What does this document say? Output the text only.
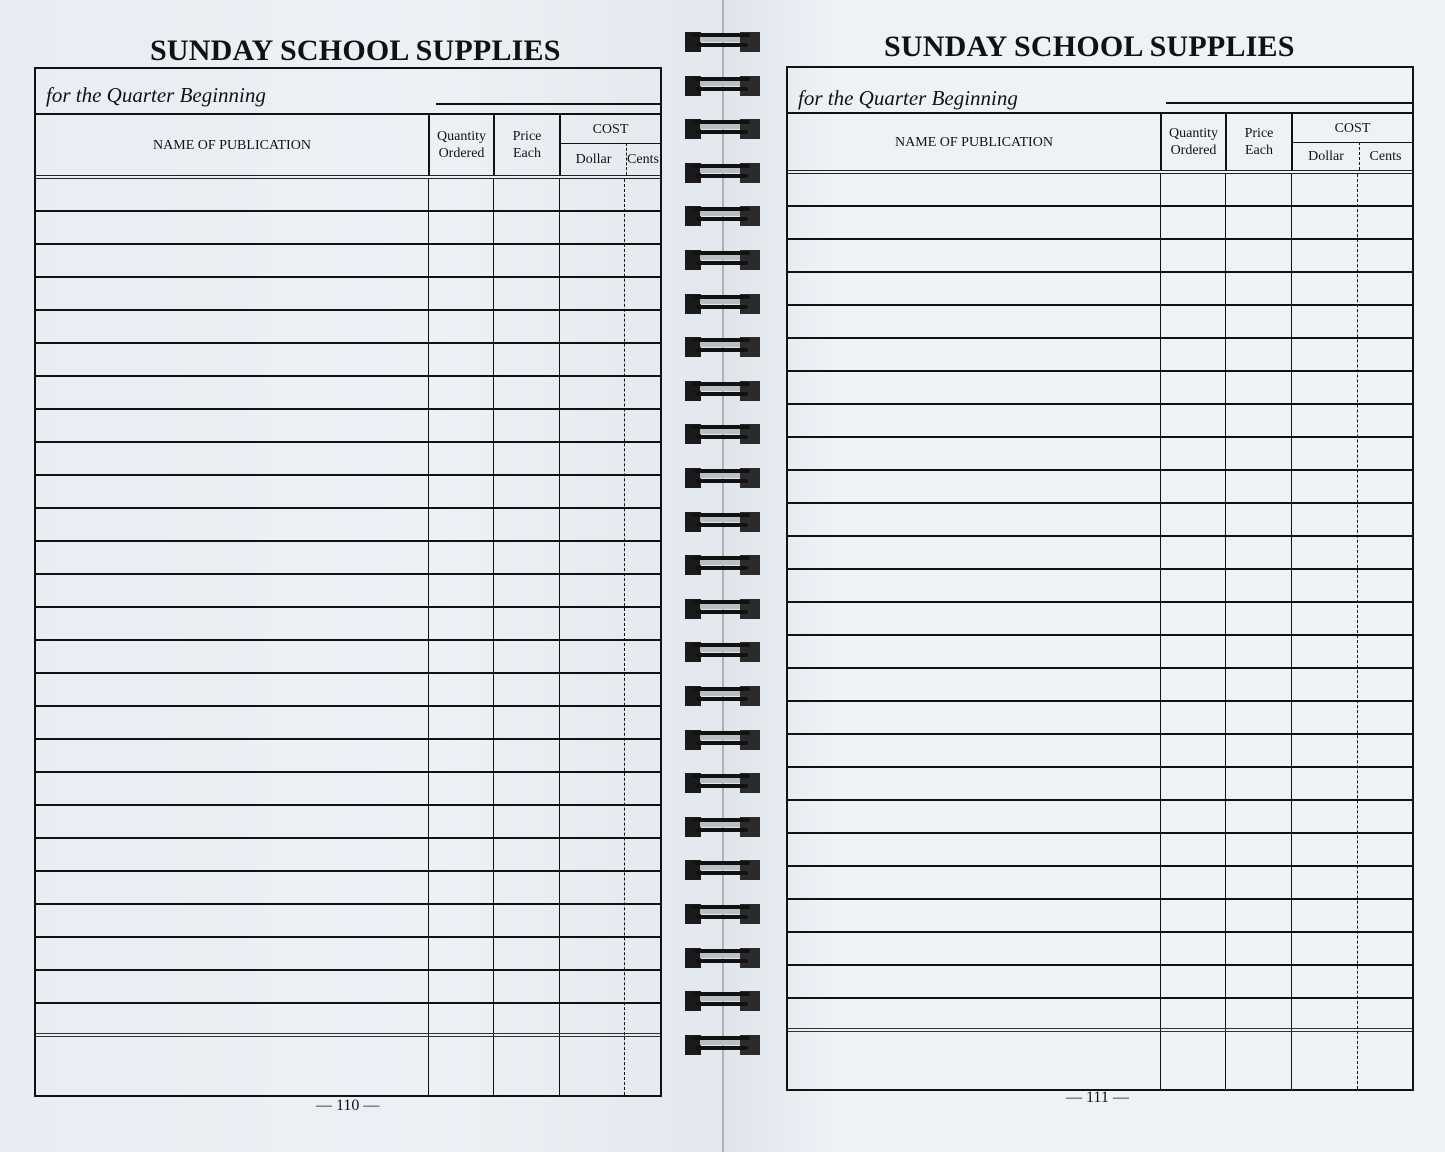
SUNDAY SCHOOL SUPPLIES
for the Quarter Beginning
NAME OF PUBLICATION
Quantity
Ordered
Price
Each
COST
Dollar	Cents
— 110 —
SUNDAY SCHOOL SUPPLIES
for the Quarter Beginning
NAME OF PUBLICATION
Quantity
Ordered
Price
Each
COST
Dollar	Cents
— 111 —
